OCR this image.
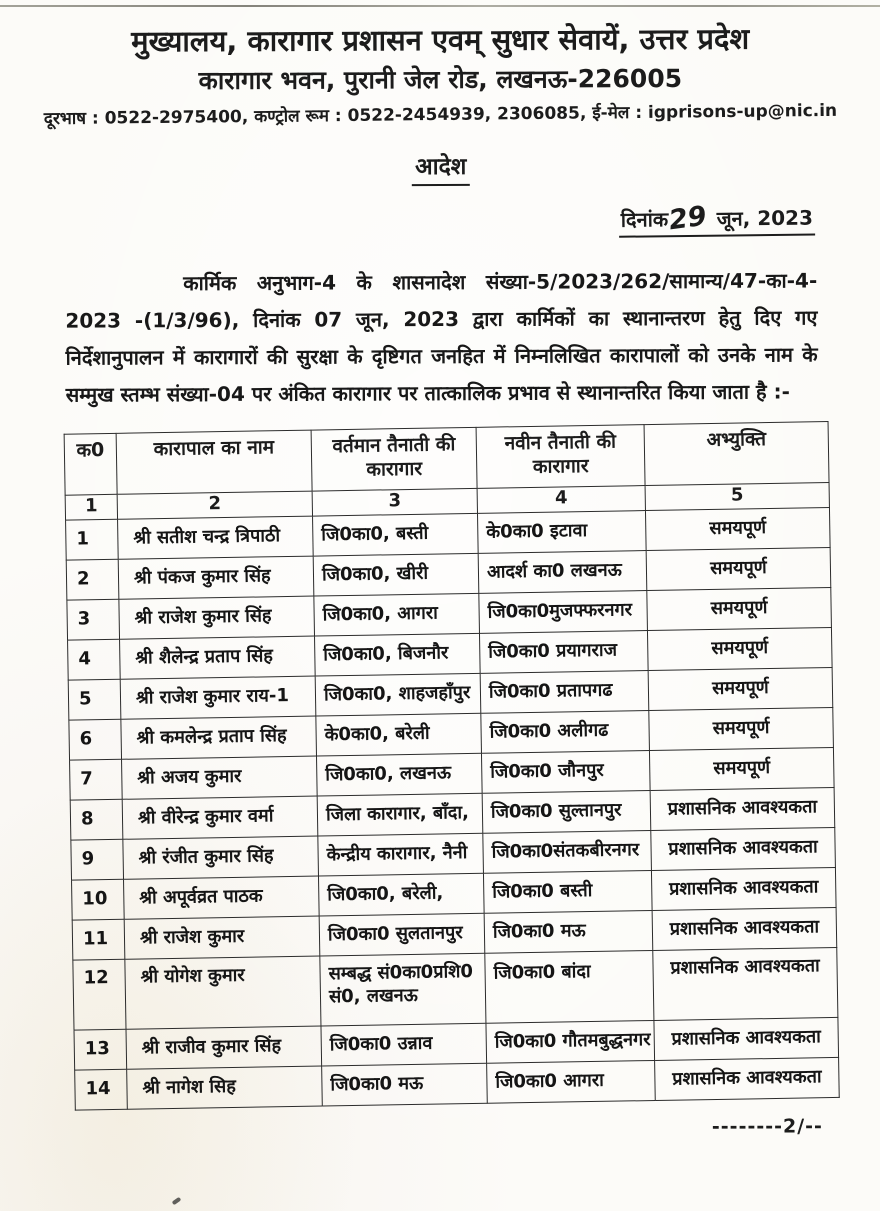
मुख्यालय, कारागार प्रशासन एवम् सुधार सेवायें, उत्तर प्रदेश
कारागार भवन, पुरानी जेल रोड, लखनऊ-226005
दूरभाष : 0522-2975400, कण्ट्रोल रूम : 0522-2454939, 2306085, ई-मेल : igprisons-up@nic.in
आदेश
दिनांक29 जून, 2023

कार्मिक अनुभाग-4 के शासनादेश संख्या-5/2023/262/सामान्य/47-का-4-2023 -(1/3/96), दिनांक 07 जून, 2023 द्वारा कार्मिकों का स्थानान्तरण हेतु दिए गए निर्देशानुपालन में कारागारों की सुरक्षा के दृष्टिगत जनहित में निम्नलिखित कारापालों को उनके नाम के सम्मुख स्तम्भ संख्या-04 पर अंकित कारागार पर तात्कालिक प्रभाव से स्थानान्तरित किया जाता है :-

क0	कारापाल का नाम	वर्तमान तैनाती की कारागार	नवीन तैनाती की कारागार	अभ्युक्ति
1	2	3	4	5
1	श्री सतीश चन्द्र त्रिपाठी	जि0का0, बस्ती	के0का0 इटावा	समयपूर्ण
2	श्री पंकज कुमार सिंह	जि0का0, खीरी	आदर्श का0 लखनऊ	समयपूर्ण
3	श्री राजेश कुमार सिंह	जि0का0, आगरा	जि0का0मुजफ्फरनगर	समयपूर्ण
4	श्री शैलेन्द्र प्रताप सिंह	जि0का0, बिजनौर	जि0का0 प्रयागराज	समयपूर्ण
5	श्री राजेश कुमार राय-1	जि0का0, शाहजहाँपुर	जि0का0 प्रतापगढ	समयपूर्ण
6	श्री कमलेन्द्र प्रताप सिंह	के0का0, बरेली	जि0का0 अलीगढ	समयपूर्ण
7	श्री अजय कुमार	जि0का0, लखनऊ	जि0का0 जौनपुर	समयपूर्ण
8	श्री वीरेन्द्र कुमार वर्मा	जिला कारागार, बाँदा,	जि0का0 सुल्तानपुर	प्रशासनिक आवश्यकता
9	श्री रंजीत कुमार सिंह	केन्द्रीय कारागार, नैनी	जि0का0संतकबीरनगर	प्रशासनिक आवश्यकता
10	श्री अपूर्वव्रत पाठक	जि0का0, बरेली,	जि0का0 बस्ती	प्रशासनिक आवश्यकता
11	श्री राजेश कुमार	जि0का0 सुलतानपुर	जि0का0 मऊ	प्रशासनिक आवश्यकता
12	श्री योगेश कुमार	सम्बद्ध सं0का0प्रशि0 सं0, लखनऊ	जि0का0 बांदा	प्रशासनिक आवश्यकता
13	श्री राजीव कुमार सिंह	जि0का0 उन्नाव	जि0का0 गौतमबुद्धनगर	प्रशासनिक आवश्यकता
14	श्री नागेश सिह	जि0का0 मऊ	जि0का0 आगरा	प्रशासनिक आवश्यकता
--------2/--
